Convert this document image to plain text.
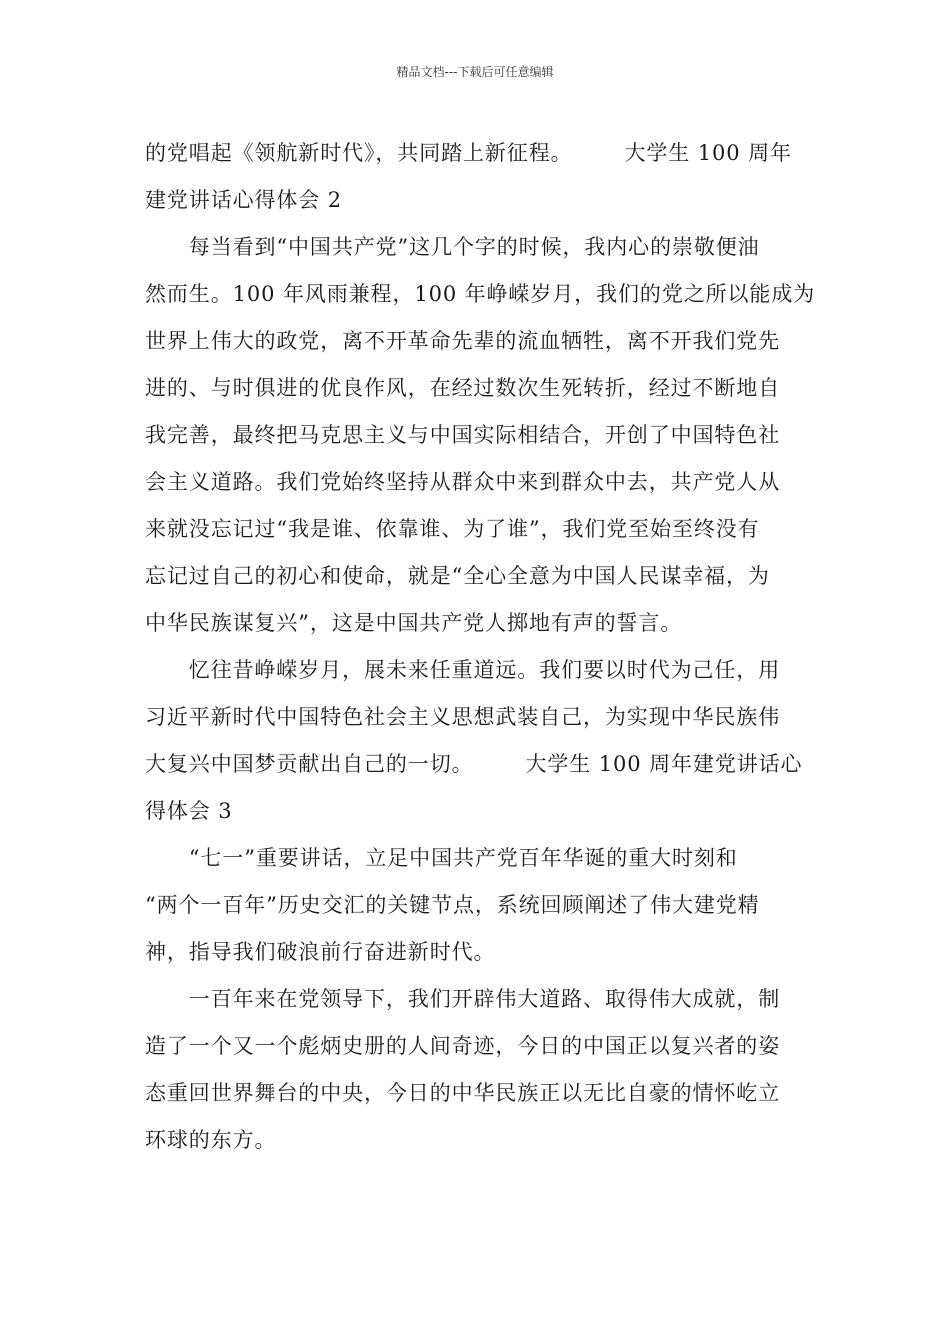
精品文档---下载后可任意编辑
的党唱起《领航新时代》，共同踏上新征程。 大学生 100 周年
建党讲话心得体会 2
　　每当看到“中国共产党”这几个字的时候，我内心的崇敬便油
然而生。100 年风雨兼程，100 年峥嵘岁月，我们的党之所以能成为
世界上伟大的政党，离不开革命先辈的流血牺牲，离不开我们党先
进的、与时俱进的优良作风，在经过数次生死转折，经过不断地自
我完善，最终把马克思主义与中国实际相结合，开创了中国特色社
会主义道路。我们党始终坚持从群众中来到群众中去，共产党人从
来就没忘记过“我是谁、依靠谁、为了谁”，我们党至始至终没有
忘记过自己的初心和使命，就是“全心全意为中国人民谋幸福，为
中华民族谋复兴”，这是中国共产党人掷地有声的誓言。
　　忆往昔峥嵘岁月，展未来任重道远。我们要以时代为己任，用
习近平新时代中国特色社会主义思想武装自己，为实现中华民族伟
大复兴中国梦贡献出自己的一切。 大学生 100 周年建党讲话心
得体会 3
　　“七一”重要讲话，立足中国共产党百年华诞的重大时刻和
“两个一百年”历史交汇的关键节点，系统回顾阐述了伟大建党精
神，指导我们破浪前行奋进新时代。
　　一百年来在党领导下，我们开辟伟大道路、取得伟大成就，制
造了一个又一个彪炳史册的人间奇迹，今日的中国正以复兴者的姿
态重回世界舞台的中央，今日的中华民族正以无比自豪的情怀屹立
环球的东方。
